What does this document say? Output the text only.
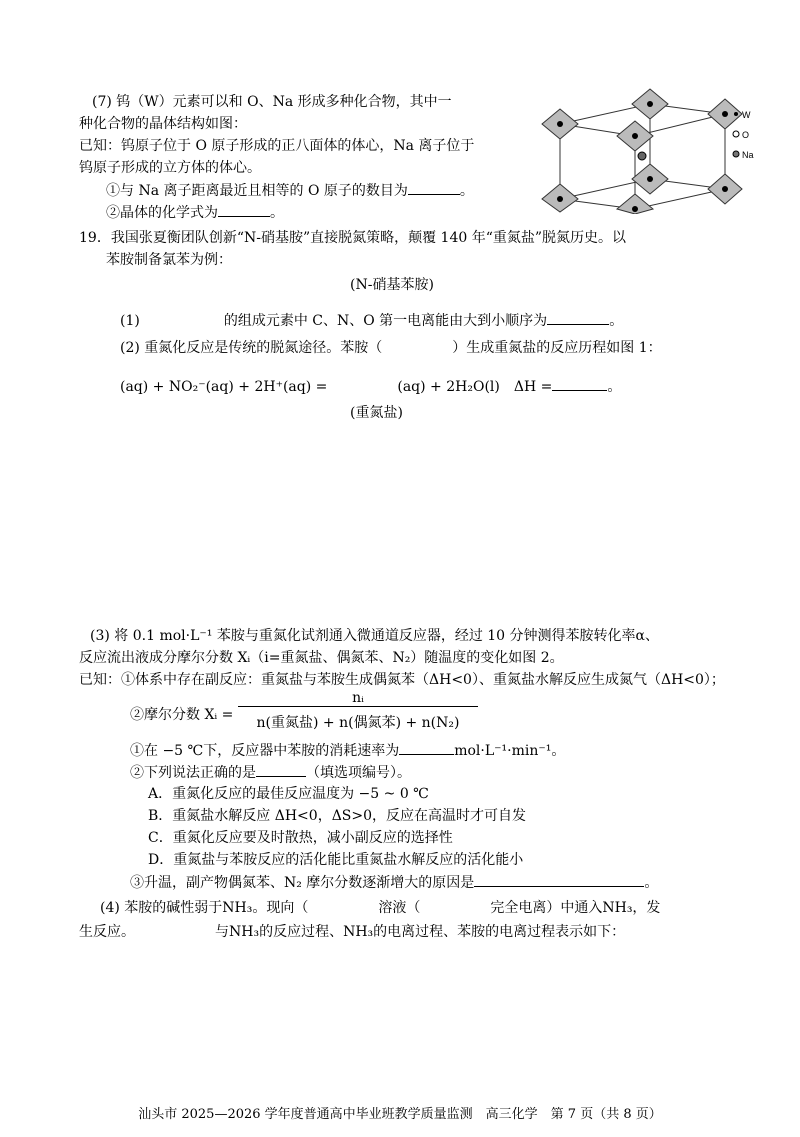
(7) 钨（W）元素可以和 O、Na 形成多种化合物，其中一
种化合物的晶体结构如图：
已知：钨原子位于 O 原子形成的正八面体的体心，Na 离子位于
钨原子形成的立方体的体心。
①与 Na 离子距离最近且相等的 O 原子的数目为	。
②晶体的化学式为	。
W
O
Na
19．我国张夏衡团队创新“N-硝基胺”直接脱氮策略，颠覆 140 年“重氮盐”脱氮历史。以
苯胺制备氯苯为例：
(N-硝基苯胺)
(1)　	的组成元素中 C、N、O 第一电离能由大到小顺序为	。
(2) 重氮化反应是传统的脱氮途径。苯胺（	）生成重氮盐的反应历程如图 1：
(aq) + NO₂⁻(aq) + 2H⁺(aq) =	(aq) + 2H₂O(l)　 ΔH =	。
(重氮盐)
(3) 将 0.1 mol·L⁻¹ 苯胺与重氮化试剂通入微通道反应器，经过 10 分钟测得苯胺转化率α、
反应流出液成分摩尔分数 Xᵢ（i=重氮盐、偶氮苯、N₂）随温度的变化如图 2。
已知：①体系中存在副反应：重氮盐与苯胺生成偶氮苯（ΔH<0）、重氮盐水解反应生成氮气（ΔH<0）；
②摩尔分数 Xᵢ =
nᵢ
n(重氮盐) + n(偶氮苯) + n(N₂)
①在 −5 ℃下，反应器中苯胺的消耗速率为	mol·L⁻¹·min⁻¹。
②下列说法正确的是	（填选项编号）。
A．重氮化反应的最佳反应温度为 −5 ~ 0 ℃
B．重氮盐水解反应 ΔH<0，ΔS>0，反应在高温时才可自发
C．重氮化反应要及时散热，减小副反应的选择性
D．重氮盐与苯胺反应的活化能比重氮盐水解反应的活化能小
③升温，副产物偶氮苯、N₂ 摩尔分数逐渐增大的原因是	。
(4) 苯胺的碱性弱于NH₃。现向（	溶液（	完全电离）中通入NH₃，发
生反应。	与NH₃的反应过程、NH₃的电离过程、苯胺的电离过程表示如下：
汕头市 2025—2026 学年度普通高中毕业班教学质量监测　高三化学　第 7 页（共 8 页）
